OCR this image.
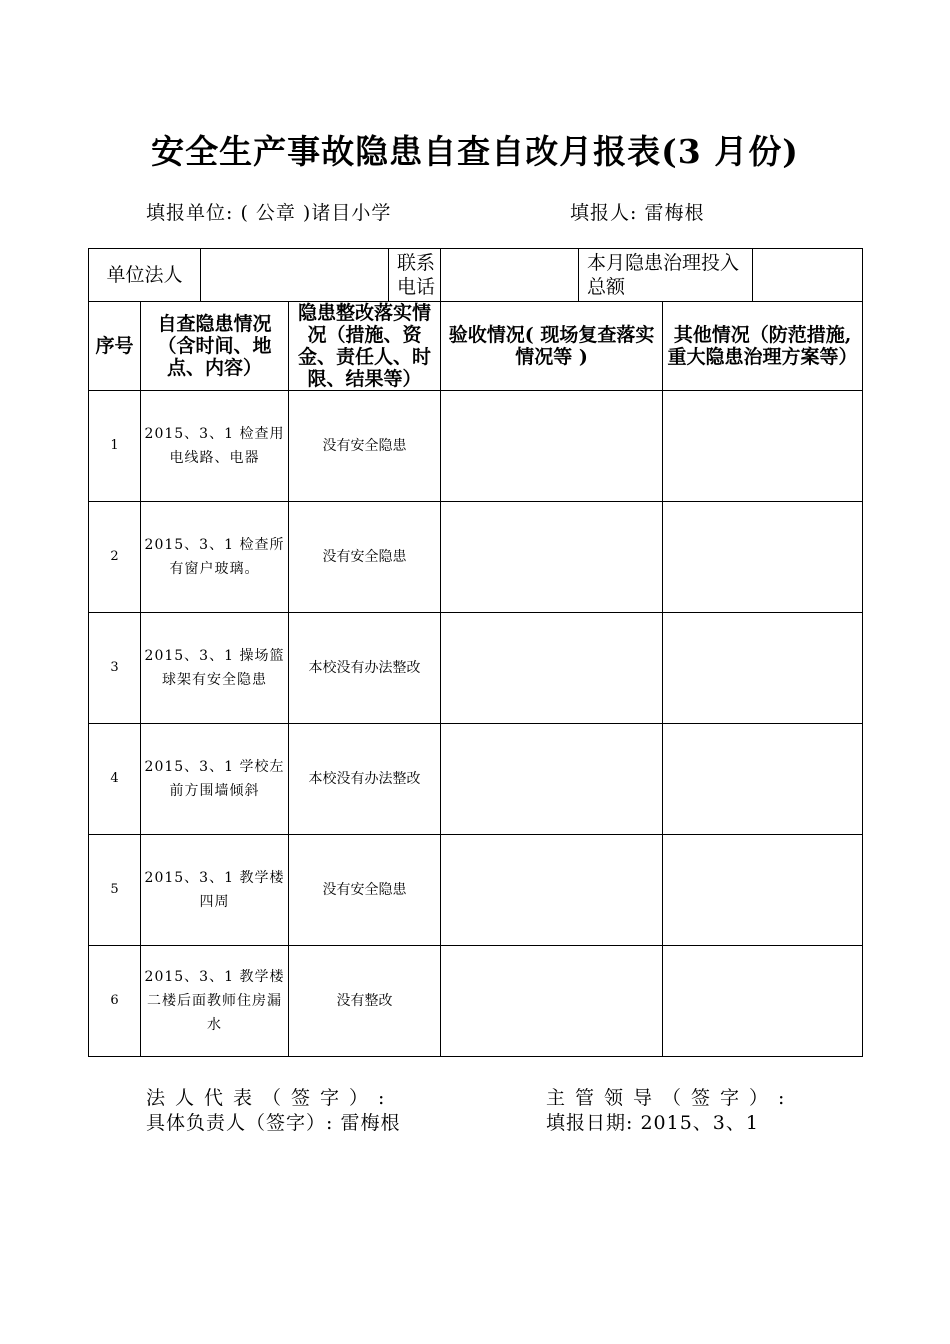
安全生产事故隐患自查自改月报表(3 月份)
填报单位: ( 公章 )诸目小学	填报人: 雷梅根
单位法人				联系电话		本月隐患治理投入总额		
序号	自查隐患情况（含时间、地点、内容）		隐患整改落实情况（措施、资金、责任人、时限、结果等）		验收情况( 现场复查落实情况等 )		其他情况（防范措施,重大隐患治理方案等）	
1	2015、3、1 检查用电线路、电器		没有安全隐患					
2	2015、3、1 检查所有窗户玻璃。		没有安全隐患					
3	2015、3、1 操场篮球架有安全隐患		本校没有办法整改					
4	2015、3、1 学校左前方围墙倾斜		本校没有办法整改					
5	2015、3、1 教学楼四周		没有安全隐患					
6	2015、3、1 教学楼二楼后面教师住房漏水		没有整改					
法人代表（签字）:	主管领导（签字）:
具体负责人（签字）: 雷梅根	填报日期: 2015、3、1
